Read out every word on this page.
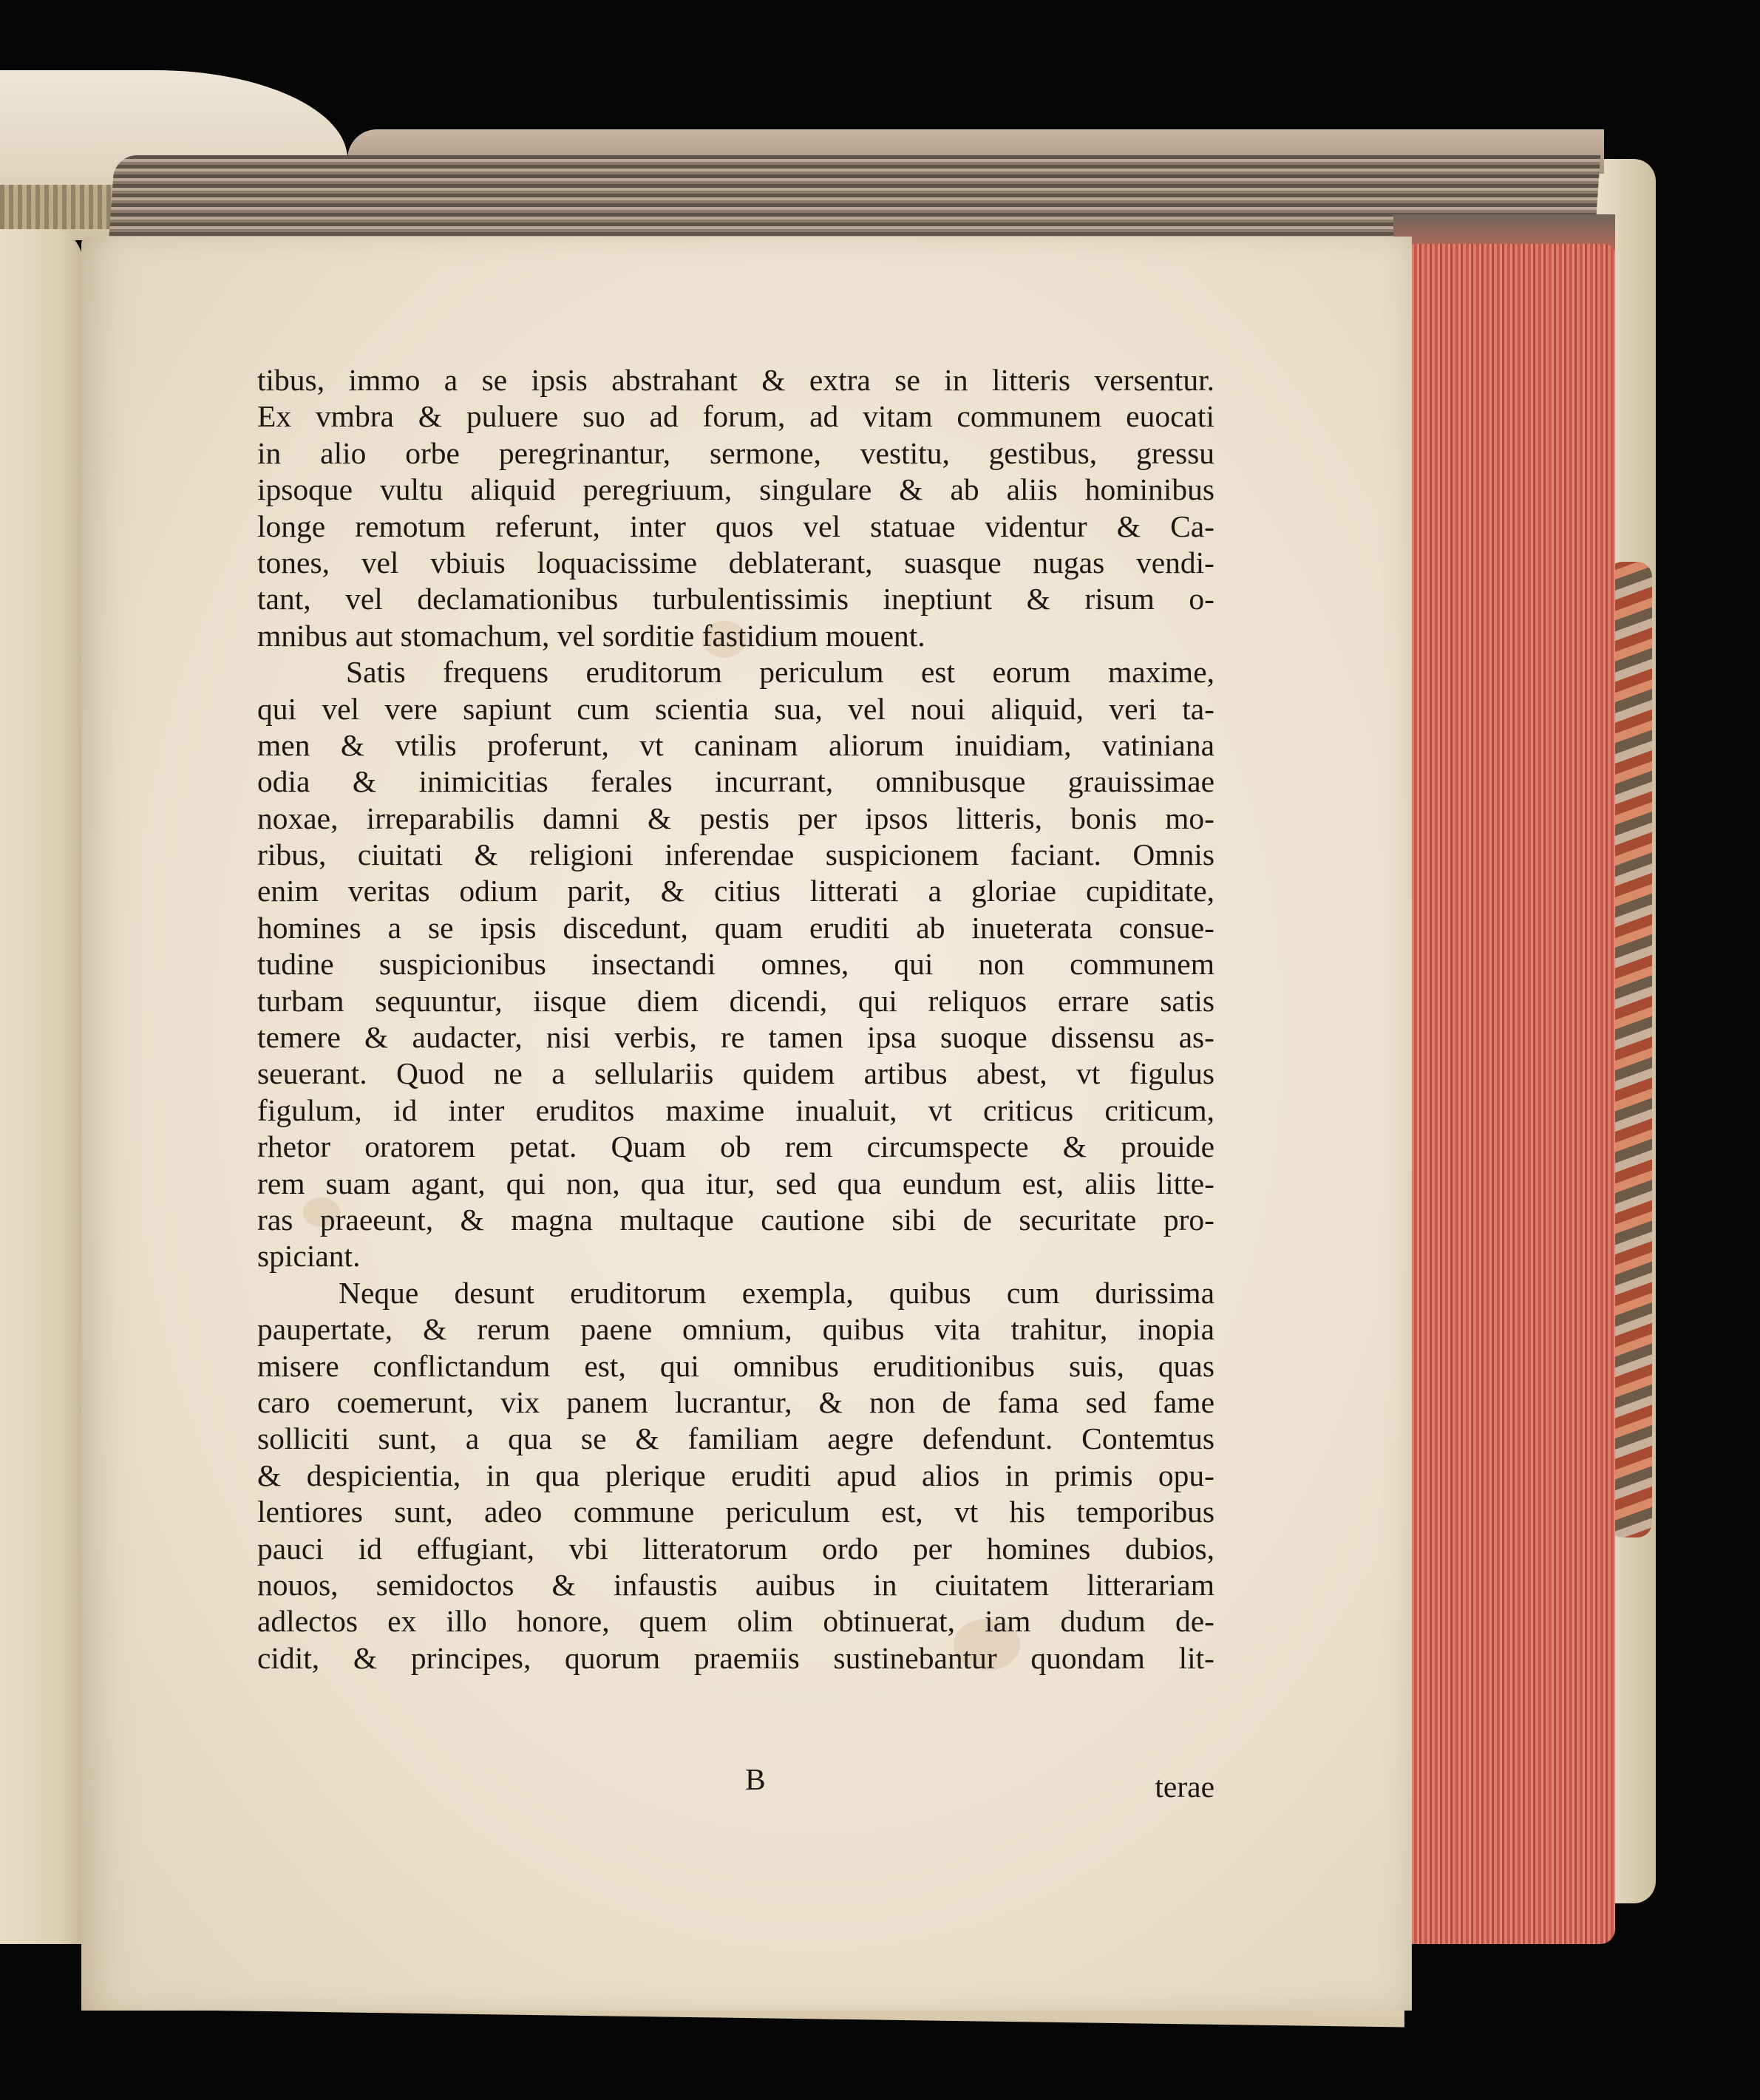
tibus, immo a se ipsis abstrahant & extra se in litteris versentur.
Ex vmbra & puluere suo ad forum, ad vitam communem euocati
in alio orbe peregrinantur, sermone, vestitu, gestibus, gressu
ipsoque vultu aliquid peregriuum, singulare & ab aliis hominibus
longe remotum referunt, inter quos vel statuae videntur & Ca-
tones, vel vbiuis loquacissime deblaterant, suasque nugas vendi-
tant, vel declamationibus turbulentissimis ineptiunt & risum o-
mnibus aut stomachum, vel sorditie fastidium mouent.
Satis frequens eruditorum periculum est eorum maxime,
qui vel vere sapiunt cum scientia sua, vel noui aliquid, veri ta-
men & vtilis proferunt, vt caninam aliorum inuidiam, vatiniana
odia & inimicitias ferales incurrant, omnibusque grauissimae
noxae, irreparabilis damni & pestis per ipsos litteris, bonis mo-
ribus, ciuitati & religioni inferendae suspicionem faciant. Omnis
enim veritas odium parit, & citius litterati a gloriae cupiditate,
homines a se ipsis discedunt, quam eruditi ab inueterata consue-
tudine suspicionibus insectandi omnes, qui non communem
turbam sequuntur, iisque diem dicendi, qui reliquos errare satis
temere & audacter, nisi verbis, re tamen ipsa suoque dissensu as-
seuerant. Quod ne a sellulariis quidem artibus abest, vt figulus
figulum, id inter eruditos maxime inualuit, vt criticus criticum,
rhetor oratorem petat. Quam ob rem circumspecte & prouide
rem suam agant, qui non, qua itur, sed qua eundum est, aliis litte-
ras praeeunt, & magna multaque cautione sibi de securitate pro-
spiciant.
Neque desunt eruditorum exempla, quibus cum durissima
paupertate, & rerum paene omnium, quibus vita trahitur, inopia
misere conflictandum est, qui omnibus eruditionibus suis, quas
caro coemerunt, vix panem lucrantur, & non de fama sed fame
solliciti sunt, a qua se & familiam aegre defendunt. Contemtus
& despicientia, in qua plerique eruditi apud alios in primis opu-
lentiores sunt, adeo commune periculum est, vt his temporibus
pauci id effugiant, vbi litteratorum ordo per homines dubios,
nouos, semidoctos & infaustis auibus in ciuitatem litterariam
adlectos ex illo honore, quem olim obtinuerat, iam dudum de-
cidit, & principes, quorum praemiis sustinebantur quondam lit-
B	terae
